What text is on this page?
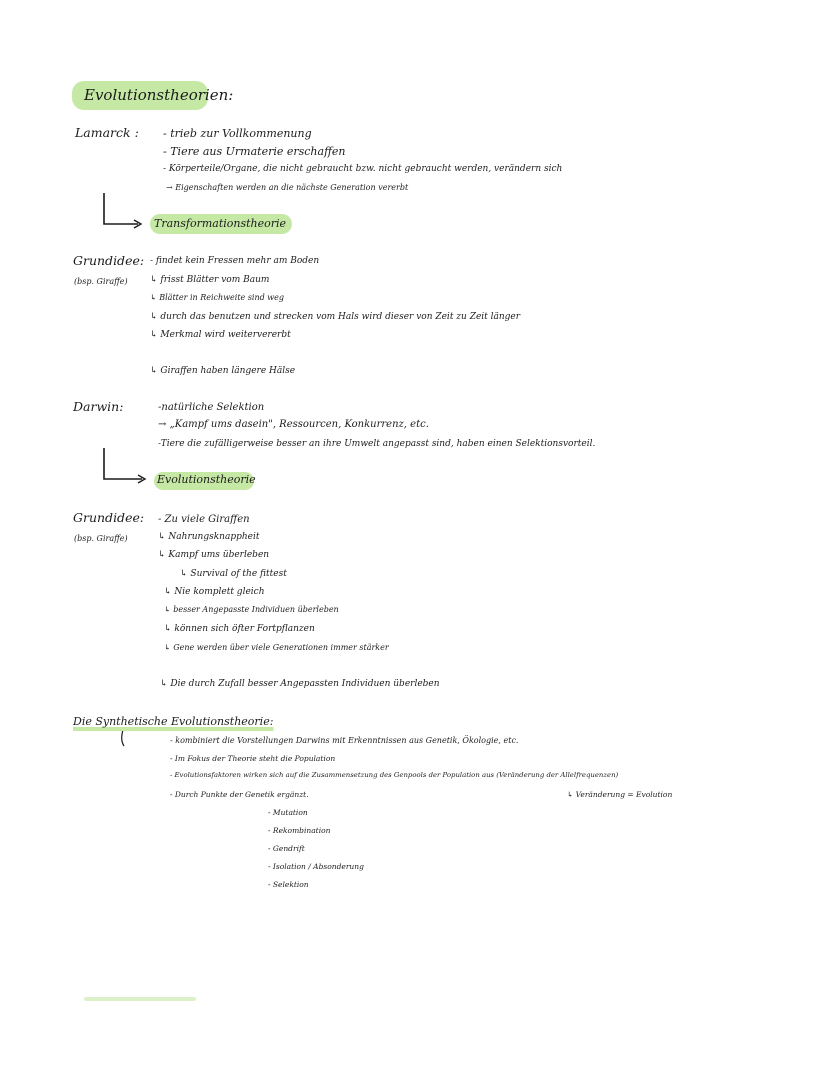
Evolutionstheorien:
Lamarck : - trieb zur Vollkommenung
- Tiere aus Urmaterie erschaffen
- Körperteile/Organe, die nicht gebraucht bzw. nicht gebraucht werden, verändern sich
→ Eigenschaften werden an die nächste Generation vererbt
Transformationstheorie
Grundidee:
(bsp. Giraffe)
- findet kein Fressen mehr am Boden
↳ frisst Blätter vom Baum
↳ Blätter in Reichweite sind weg
↳ durch das benutzen und strecken vom Hals wird dieser von Zeit zu Zeit länger
↳ Merkmal wird weitervererbt
↳ Giraffen haben längere Hälse
Darwin:	-natürliche Selektion
→ „Kampf ums dasein", Ressourcen, Konkurrenz, etc.
-Tiere die zufälligerweise besser an ihre Umwelt angepasst sind, haben einen Selektionsvorteil.
Evolutionstheorie
Grundidee:
(bsp. Giraffe)
- Zu viele Giraffen
↳ Nahrungsknappheit
↳ Kampf ums überleben
↳ Survival of the fittest
↳ Nie komplett gleich
↳ besser Angepasste Individuen überleben
↳ können sich öfter Fortpflanzen
↳ Gene werden über viele Generationen immer stärker
↳ Die durch Zufall besser Angepassten Individuen überleben
Die Synthetische Evolutionstheorie:
- kombiniert die Vorstellungen Darwins mit Erkenntnissen aus Genetik, Ökologie, etc.
- Im Fokus der Theorie steht die Population
- Evolutionsfaktoren wirken sich auf die Zusammensetzung des Genpools der Population aus (Veränderung der Allelfrequenzen)
- Durch Punkte der Genetik ergänzt.	↳ Veränderung = Evolution
- Mutation
- Rekombination
- Gendrift
- Isolation / Absonderung
- Selektion
